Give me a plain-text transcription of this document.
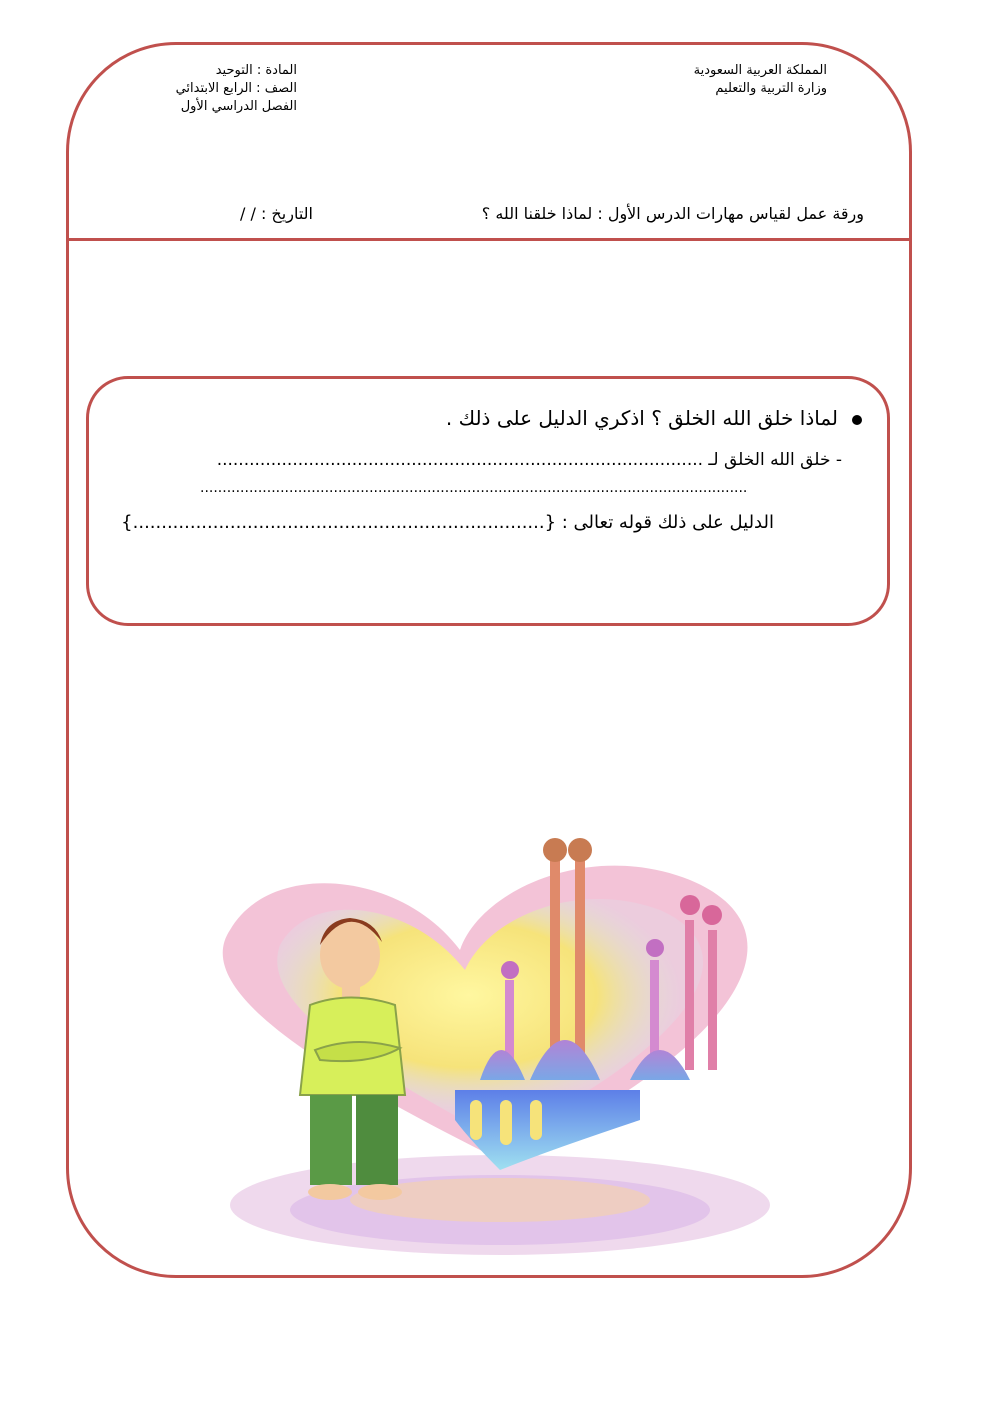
المملكة العربية السعودية
وزارة التربية والتعليم
المادة : التوحيد
الصف : الرابع الابتدائي
الفصل الدراسي الأول
ورقة عمل لقياس مهارات الدرس الأول : لماذا خلقنا الله ؟
التاريخ : / /
لماذا خلق الله الخلق ؟ اذكري الدليل على ذلك .
- خلق الله الخلق لـ ..........................................................................................
...........................................................................................................................
الدليل على ذلك قوله تعالى : {........................................................................}
